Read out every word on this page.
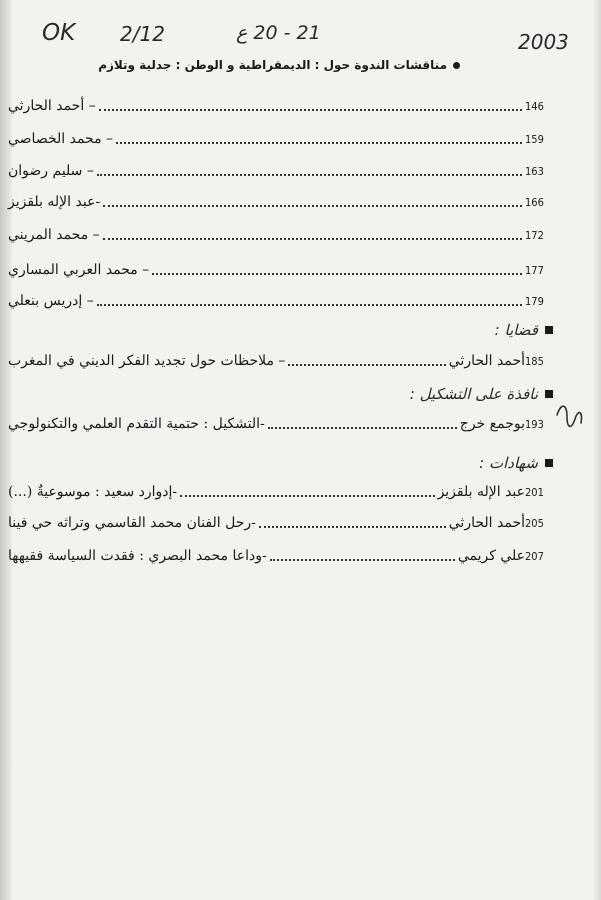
OK 2/12	21 - 20 ع	2003
مناقشات الندوة حول : الديمقراطية و الوطن : جدلية وتلازم
– أحمد الحارثي	146
– محمد الخصاصي	159
– سليم رضوان	163
- عبد الإله بلقزيز	166
– محمد المريني	172
– محمد العربي المساري	177
– إدريس بنعلي	179
قضايا :
– ملاحظات حول تجديد الفكر الديني في المغرب	أحمد الحارثي 185
نافذة على التشكيل :
- التشكيل : حتمية التقدم العلمي والتكنولوجي	بوجمع خرج 193
شهادات :
- إدوارد سعيد : موسوعيةٌ (...)	عبد الإله بلقزيز 201
- رحل الفنان محمد القاسمي وتراثه حي فينا	أحمد الحارثي 205
- وداعا محمد البصري : فقدت السياسة فقيهها	علي كريمي 207
